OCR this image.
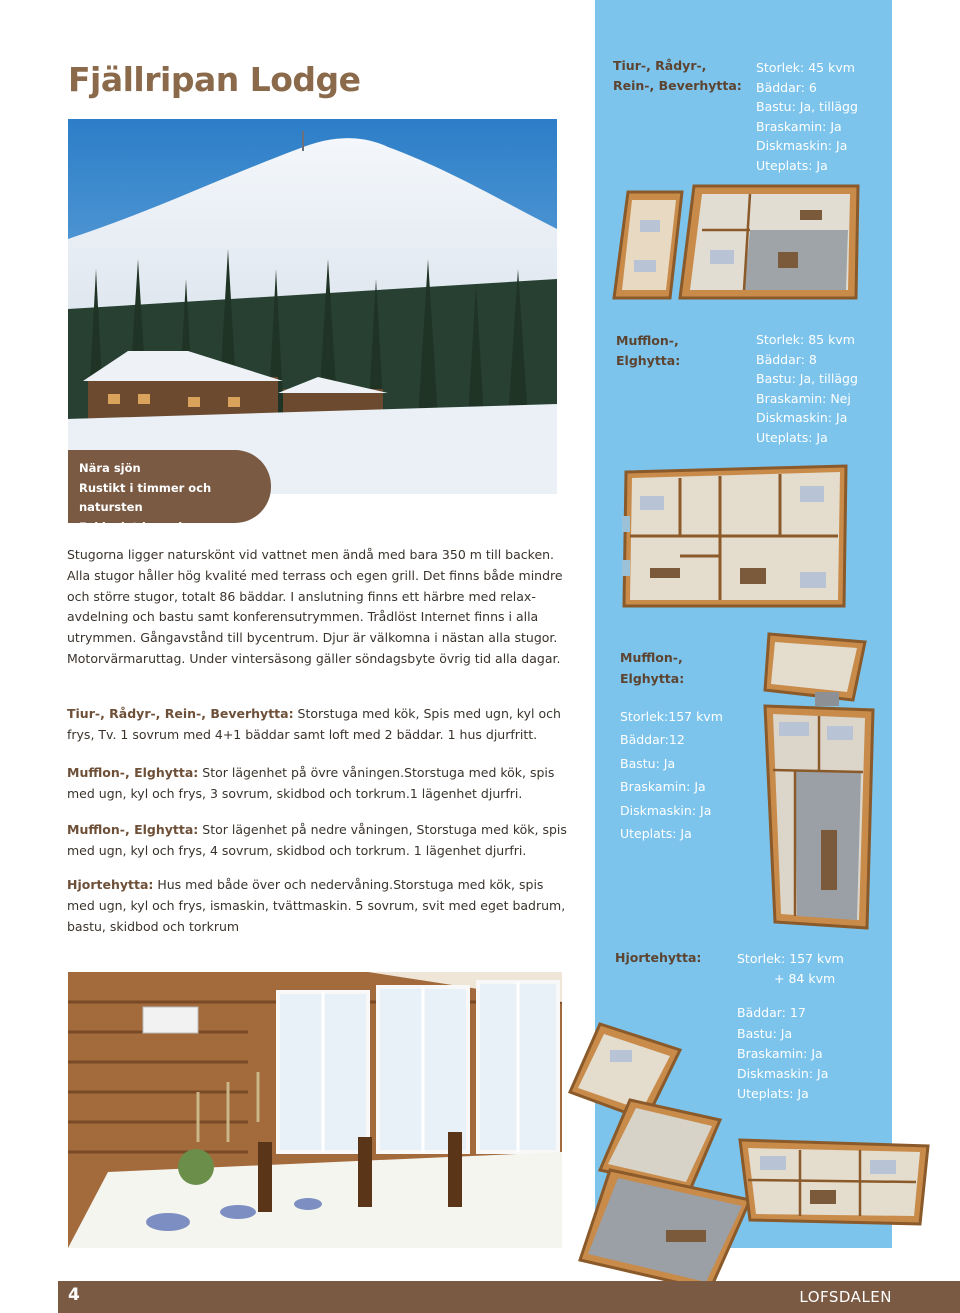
Fjällripan Lodge
Nära sjön
Rustikt i timmer och natursten
Exklusivt boende

Stugorna ligger naturskönt vid vattnet men ändå med bara 350 m till backen. Alla stugor håller hög kvalité med terrass och egen grill. Det finns både mindre och större stugor, totalt 86 bäddar. I anslutning finns ett härbre med relax-avdelning och bastu samt konferensutrymmen. Trådlöst Internet finns i alla utrymmen. Gångavstånd till bycentrum. Djur är välkomna i nästan alla stugor. Motorvärmaruttag. Under vintersäsong gäller söndagsbyte övrig tid alla dagar.

Tiur-, Rådyr-, Rein-, Beverhytta: Storstuga med kök, Spis med ugn, kyl och frys, Tv. 1 sovrum med 4+1 bäddar samt loft med 2 bäddar. 1 hus djurfritt.

Mufflon-, Elghytta: Stor lägenhet på övre våningen.Storstuga med kök, spis med ugn, kyl och frys, 3 sovrum, skidbod och torkrum.1 lägenhet djurfri.

Mufflon-, Elghytta: Stor lägenhet på nedre våningen, Storstuga med kök, spis med ugn, kyl och frys, 4 sovrum, skidbod och torkrum. 1 lägenhet djurfri.

Hjortehytta: Hus med både över och nedervåning.Storstuga med kök, spis med ugn, kyl och frys, ismaskin, tvättmaskin. 5 sovrum, svit med eget badrum, bastu, skidbod och torkrum

Tiur-, Rådyr-,
Rein-, Beverhytta:
Storlek: 45 kvm
Bäddar: 6
Bastu: Ja, tillägg
Braskamin: Ja
Diskmaskin: Ja
Uteplats: Ja
Mufflon-,
Elghytta:
Storlek: 85 kvm
Bäddar: 8
Bastu: Ja, tillägg
Braskamin: Nej
Diskmaskin: Ja
Uteplats: Ja
Mufflon-,
Elghytta:
Storlek:157 kvm
Bäddar:12
Bastu: Ja
Braskamin: Ja
Diskmaskin: Ja
Uteplats: Ja
Hjortehytta:	Storlek: 157 kvm
+ 84 kvm
Bäddar: 17
Bastu: Ja
Braskamin: Ja
Diskmaskin: Ja
Uteplats: Ja
4	LOFSDALEN
